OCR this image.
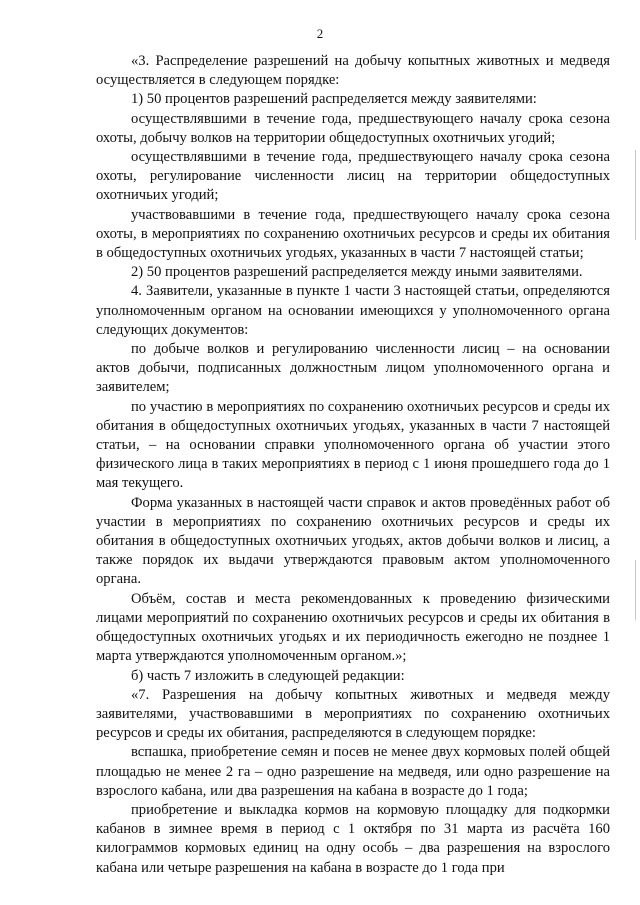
2

«3. Распределение разрешений на добычу копытных животных и медведя осуществляется в следующем порядке:

1) 50 процентов разрешений распределяется между заявителями:

осуществлявшими в течение года, предшествующего началу срока сезона охоты, добычу волков на территории общедоступных охотничьих угодий;

осуществлявшими в течение года, предшествующего началу срока сезона охоты, регулирование численности лисиц на территории общедоступных охотничьих угодий;

участвовавшими в течение года, предшествующего началу срока сезона охоты, в мероприятиях по сохранению охотничьих ресурсов и среды их обитания в общедоступных охотничьих угодьях, указанных в части 7 настоящей статьи;

2) 50 процентов разрешений распределяется между иными заявителями.

4. Заявители, указанные в пункте 1 части 3 настоящей статьи, определяются уполномоченным органом на основании имеющихся у уполномоченного органа следующих документов:

по добыче волков и регулированию численности лисиц – на основании актов добычи, подписанных должностным лицом уполномоченного органа и заявителем;

по участию в мероприятиях по сохранению охотничьих ресурсов и среды их обитания в общедоступных охотничьих угодьях, указанных в части 7 настоящей статьи, – на основании справки уполномоченного органа об участии этого физического лица в таких мероприятиях в период с 1 июня прошедшего года до 1 мая текущего.

Форма указанных в настоящей части справок и актов проведённых работ об участии в мероприятиях по сохранению охотничьих ресурсов и среды их обитания в общедоступных охотничьих угодьях, актов добычи волков и лисиц, а также порядок их выдачи утверждаются правовым актом уполномоченного органа.

Объём, состав и места рекомендованных к проведению физическими лицами мероприятий по сохранению охотничьих ресурсов и среды их обитания в общедоступных охотничьих угодьях и их периодичность ежегодно не позднее 1 марта утверждаются уполномоченным органом.»;

б) часть 7 изложить в следующей редакции:

«7. Разрешения на добычу копытных животных и медведя между заявителями, участвовавшими в мероприятиях по сохранению охотничьих ресурсов и среды их обитания, распределяются в следующем порядке:

вспашка, приобретение семян и посев не менее двух кормовых полей общей площадью не менее 2 га – одно разрешение на медведя, или одно разрешение на взрослого кабана, или два разрешения на кабана в возрасте до 1 года;

приобретение и выкладка кормов на кормовую площадку для подкормки кабанов в зимнее время в период с 1 октября по 31 марта из расчёта 160 килограммов кормовых единиц на одну особь – два разрешения на взрослого кабана или четыре разрешения на кабана в возрасте до 1 года при
